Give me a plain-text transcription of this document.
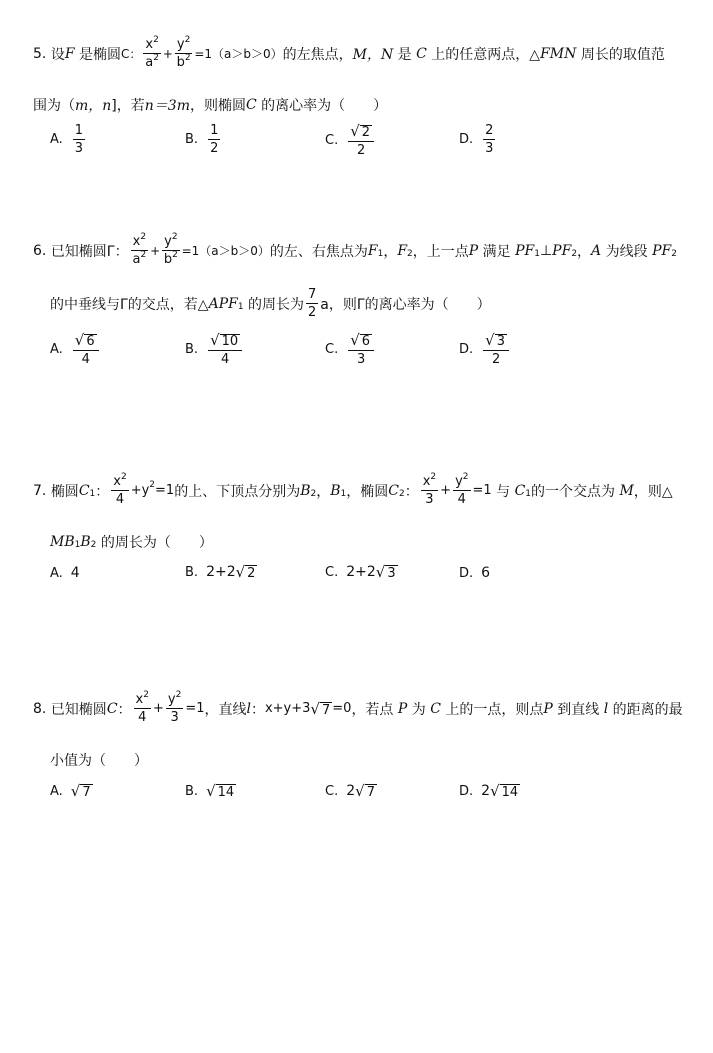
5.
设 F
是椭圆 C ： $\frac{x^2}{a^2} + \frac{y^2}{b^2} =1(a>b>0)$ 的左焦点， M，N
是
C
上的任意两点，△ FMN
周长的取值范
围为（ m，n ]，若 n＝3m ，则椭圆 C
的离心率为（　　）
A. $\frac{1}{3}$	B. $\frac{1}{2}$	C. $\frac{√ 2}{2}$	D. $\frac{2}{3}$
6.
已知椭圆Γ： $\frac{x^2}{a^2} + \frac{y^2}{b^2} =1(a>b>0)$ 的左、右焦点为 F 1 ， F 2 ，上一点 P
满足
PF 1 ⊥ PF 2 ， A
为线段
PF 2
的中垂线与Γ的交点，若△ APF 1
的周长为 $\frac{7}{2}$ a，则Γ的离心率为（　　）
A. $\frac{√ 6}{4}$	B. $\frac{√ 10}{4}$	C. $\frac{√ 6}{3}$	D. $\frac{√ 3}{2}$
7.
椭圆 C 1 ： $\frac{x^2}{4} +y$ 2 =1 的上、下顶点分别为 B 2 ， B 1 ，椭圆 C 2 ： $\frac{x^2}{3} + \frac{y^2}{4} =1$
与
C 1 的一个交点为
M ，则△
MB 1 B 2
的周长为（　　）
A. 4	B. 2+2 √ 2	C. 2+2 √ 3	D. 6
8.
已知椭圆 C ： $\frac{x^2}{4} + \frac{y^2}{3} =1$ ，直线 l ： x+y+3 √ 7 =0 ，若点
P
为
C
上的一点，则点 P
到直线
l
的距离的最
小值为（　　）
A. √ 7	B. √ 14	C. 2 √ 7	D. 2 √ 14
